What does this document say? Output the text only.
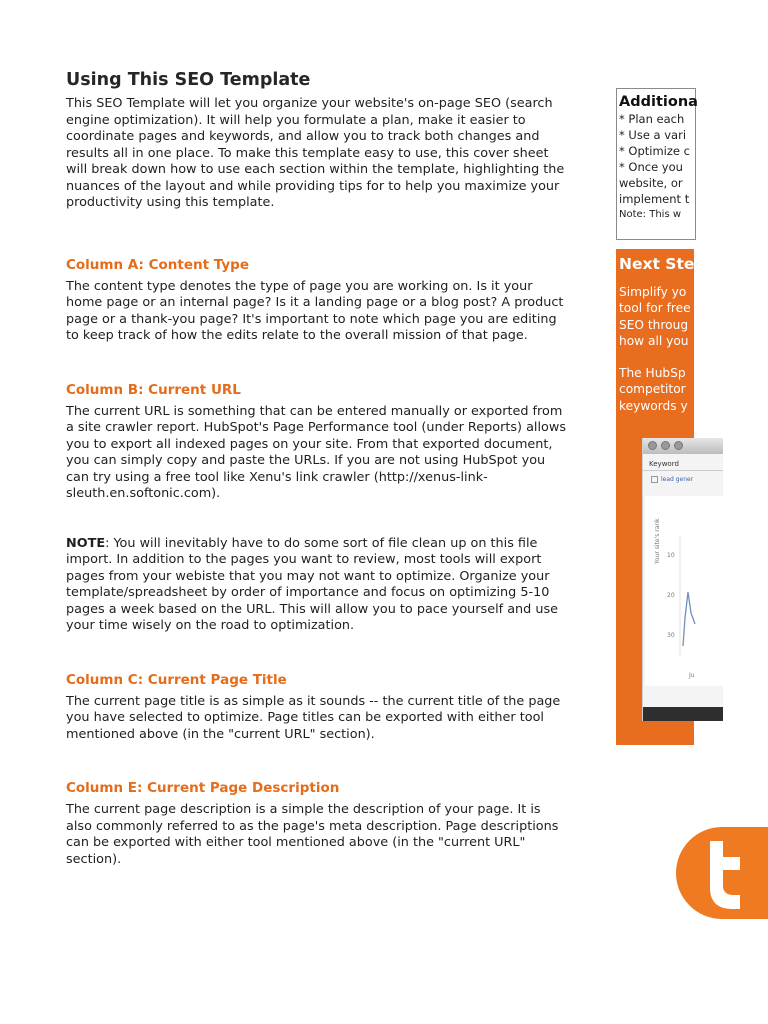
Using This SEO Template

This SEO Template will let you organize your website's on-page SEO (search engine optimization). It will help you formulate a plan, make it easier to coordinate pages and keywords, and allow you to track both changes and results all in one place. To make this template easy to use, this cover sheet will break down how to use each section within the template, highlighting the nuances of the layout and while providing tips for to help you maximize your productivity using this template.

Column A: Content Type

The content type denotes the type of page you are working on. Is it your home page or an internal page? Is it a landing page or a blog post? A product page or a thank-you page? It's important to note which page you are editing to keep track of how the edits relate to the overall mission of that page.

Column B: Current URL

The current URL is something that can be entered manually or exported from a site crawler report. HubSpot's Page Performance tool (under Reports) allows you to export all indexed pages on your site. From that exported document, you can simply copy and paste the URLs. If you are not using HubSpot you can try using a free tool like Xenu's link crawler (http://xenus-link-sleuth.en.softonic.com).

NOTE: You will inevitably have to do some sort of file clean up on this file import. In addition to the pages you want to review, most tools will export pages from your webiste that you may not want to optimize. Organize your template/spreadsheet by order of importance and focus on optimizing 5-10 pages a week based on the URL. This will allow you to pace yourself and use your time wisely on the road to optimization.

Column C: Current Page Title

The current page title is as simple as it sounds -- the current title of the page you have selected to optimize. Page titles can be exported with either tool mentioned above (in the "current URL" section).

Column E: Current Page Description

The current page description is a simple the description of your page. It is also commonly referred to as the page's meta description. Page descriptions can be exported with either tool mentioned above (in the "current URL" section).

Additiona
* Plan each
* Use a vari
* Optimize c
* Once you
website, or
implement t
Note: This w
Next Step
Simplify yo
tool for free
SEO throug
how all you
The HubSp
competitor
keywords y
Keyword
lead gener
Your site's rank 10
20
30
Ju
